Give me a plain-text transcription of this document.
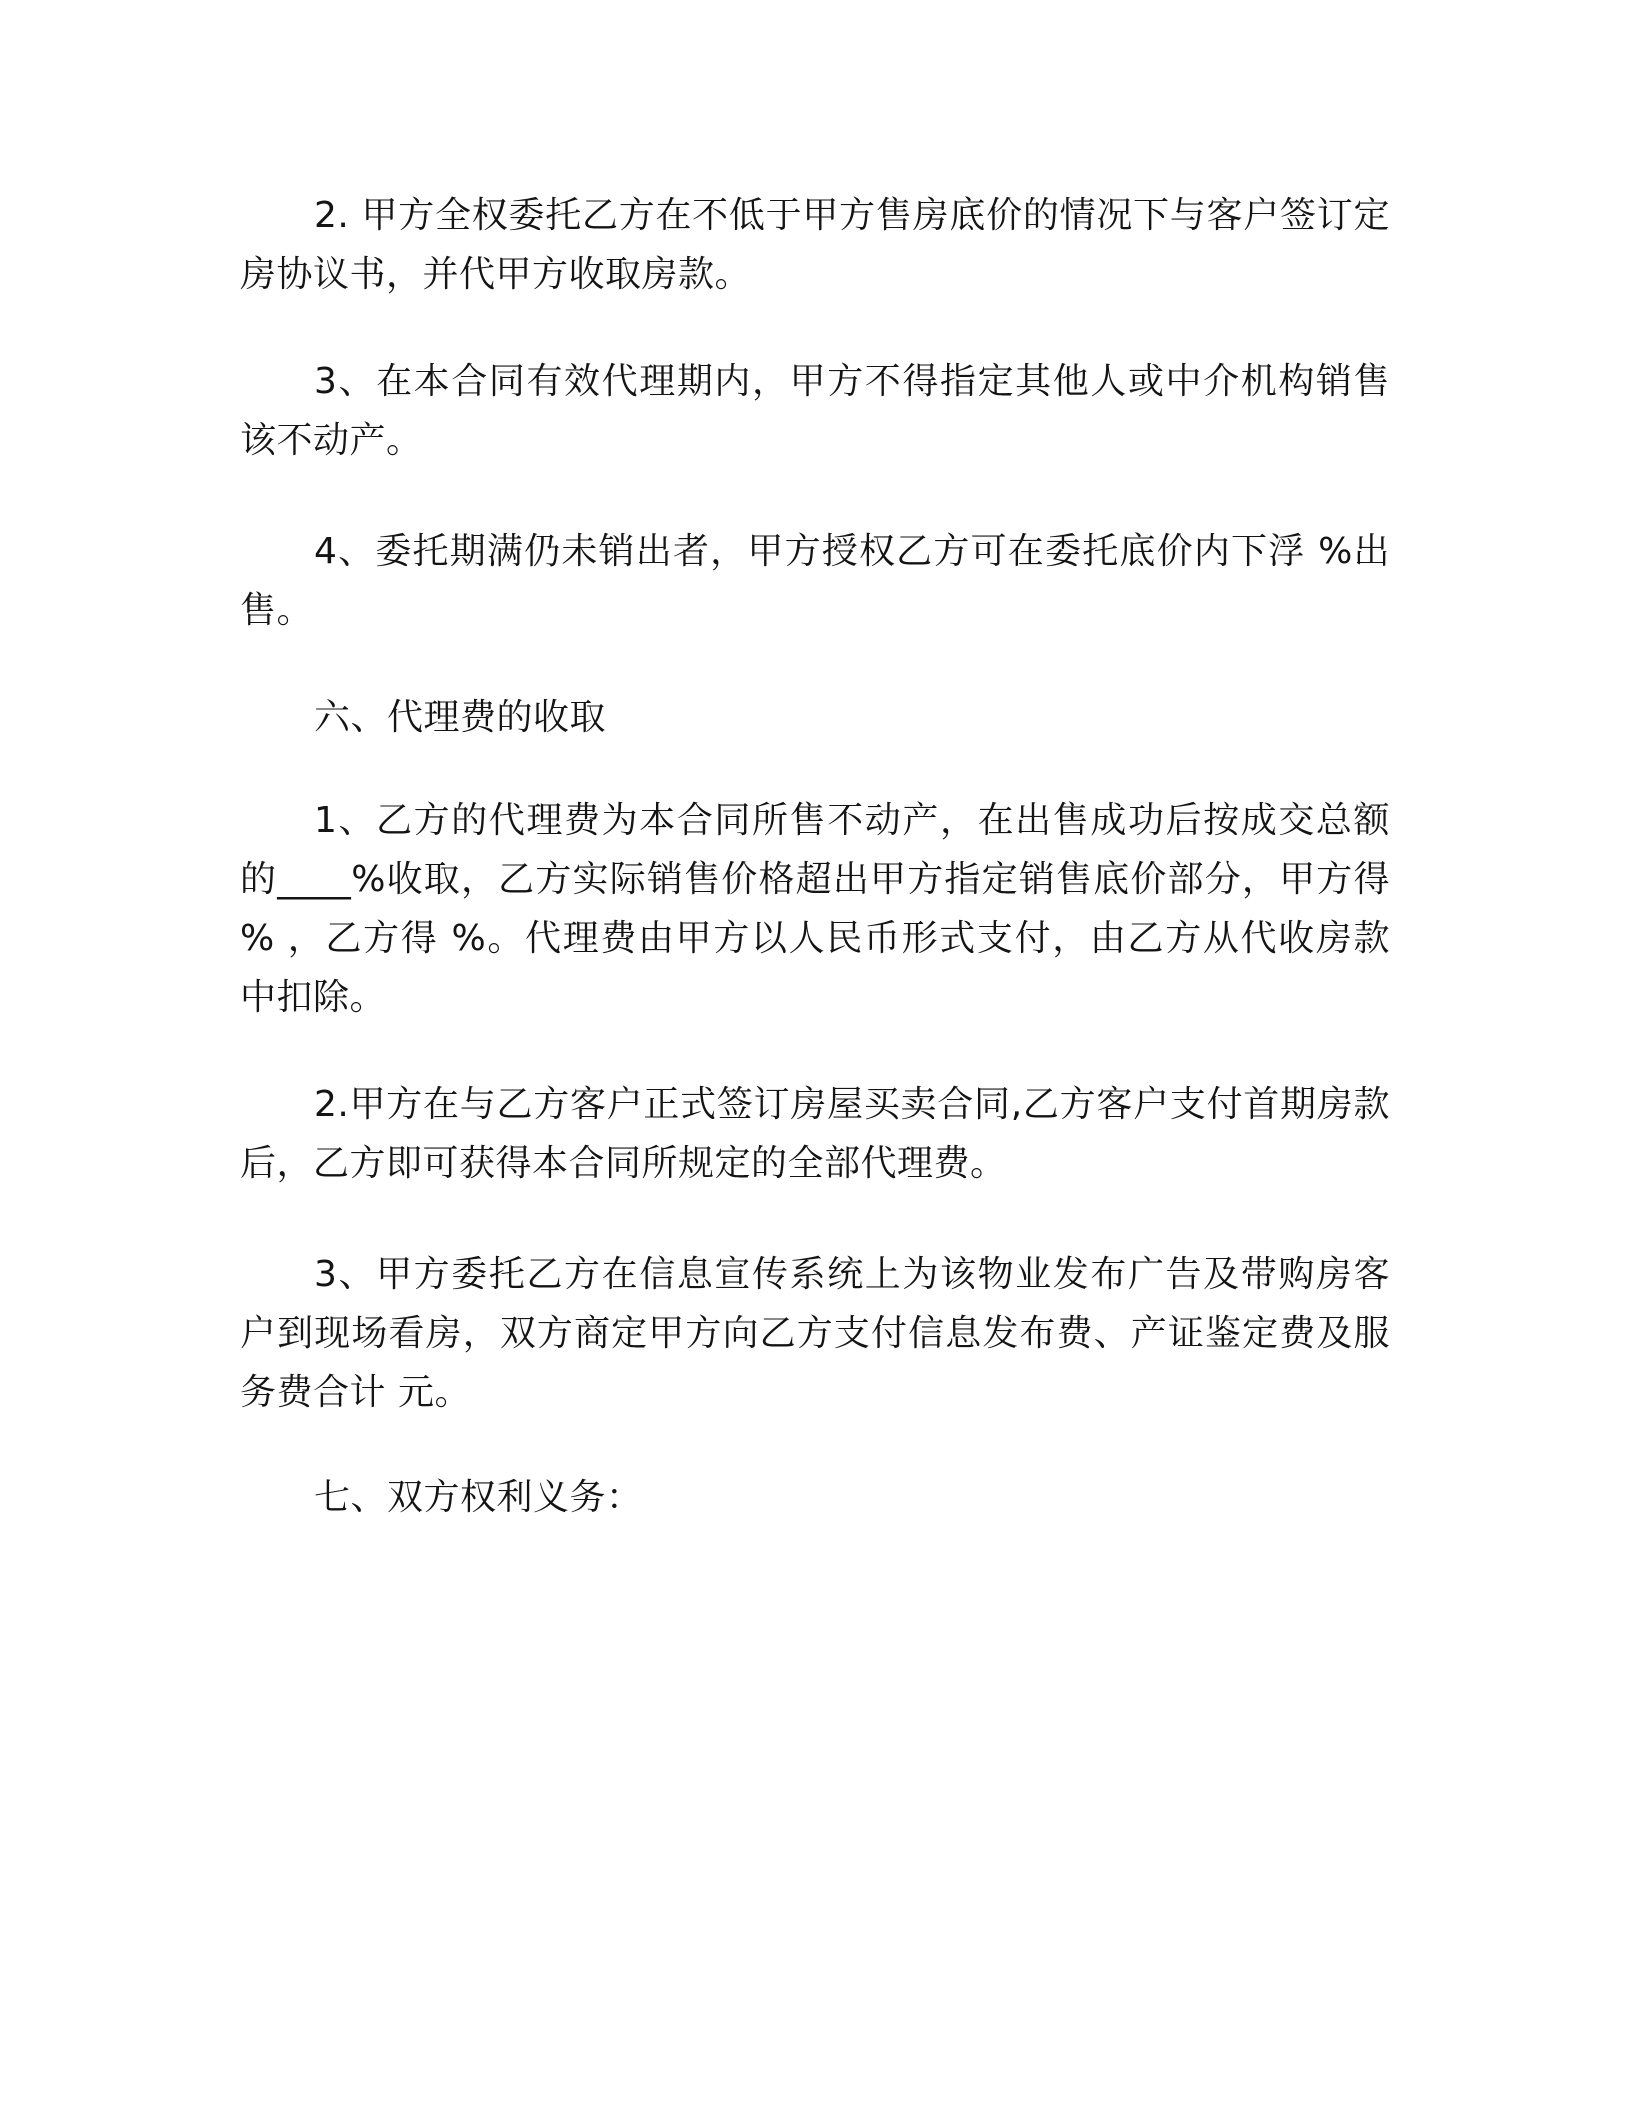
2. 甲方全权委托乙方在不低于甲方售房底价的情况下与客户签订定房协议书，并代甲方收取房款。

3、在本合同有效代理期内，甲方不得指定其他人或中介机构销售该不动产。

4、委托期满仍未销出者，甲方授权乙方可在委托底价内下浮 %出售。

六、代理费的收取

1、乙方的代理费为本合同所售不动产，在出售成功后按成交总额的____%收取，乙方实际销售价格超出甲方指定销售底价部分，甲方得 % ，乙方得 %。代理费由甲方以人民币形式支付，由乙方从代收房款中扣除。

2.甲方在与乙方客户正式签订房屋买卖合同,乙方客户支付首期房款后，乙方即可获得本合同所规定的全部代理费。

3、甲方委托乙方在信息宣传系统上为该物业发布广告及带购房客户到现场看房，双方商定甲方向乙方支付信息发布费、产证鉴定费及服务费合计 元。

七、双方权利义务：
